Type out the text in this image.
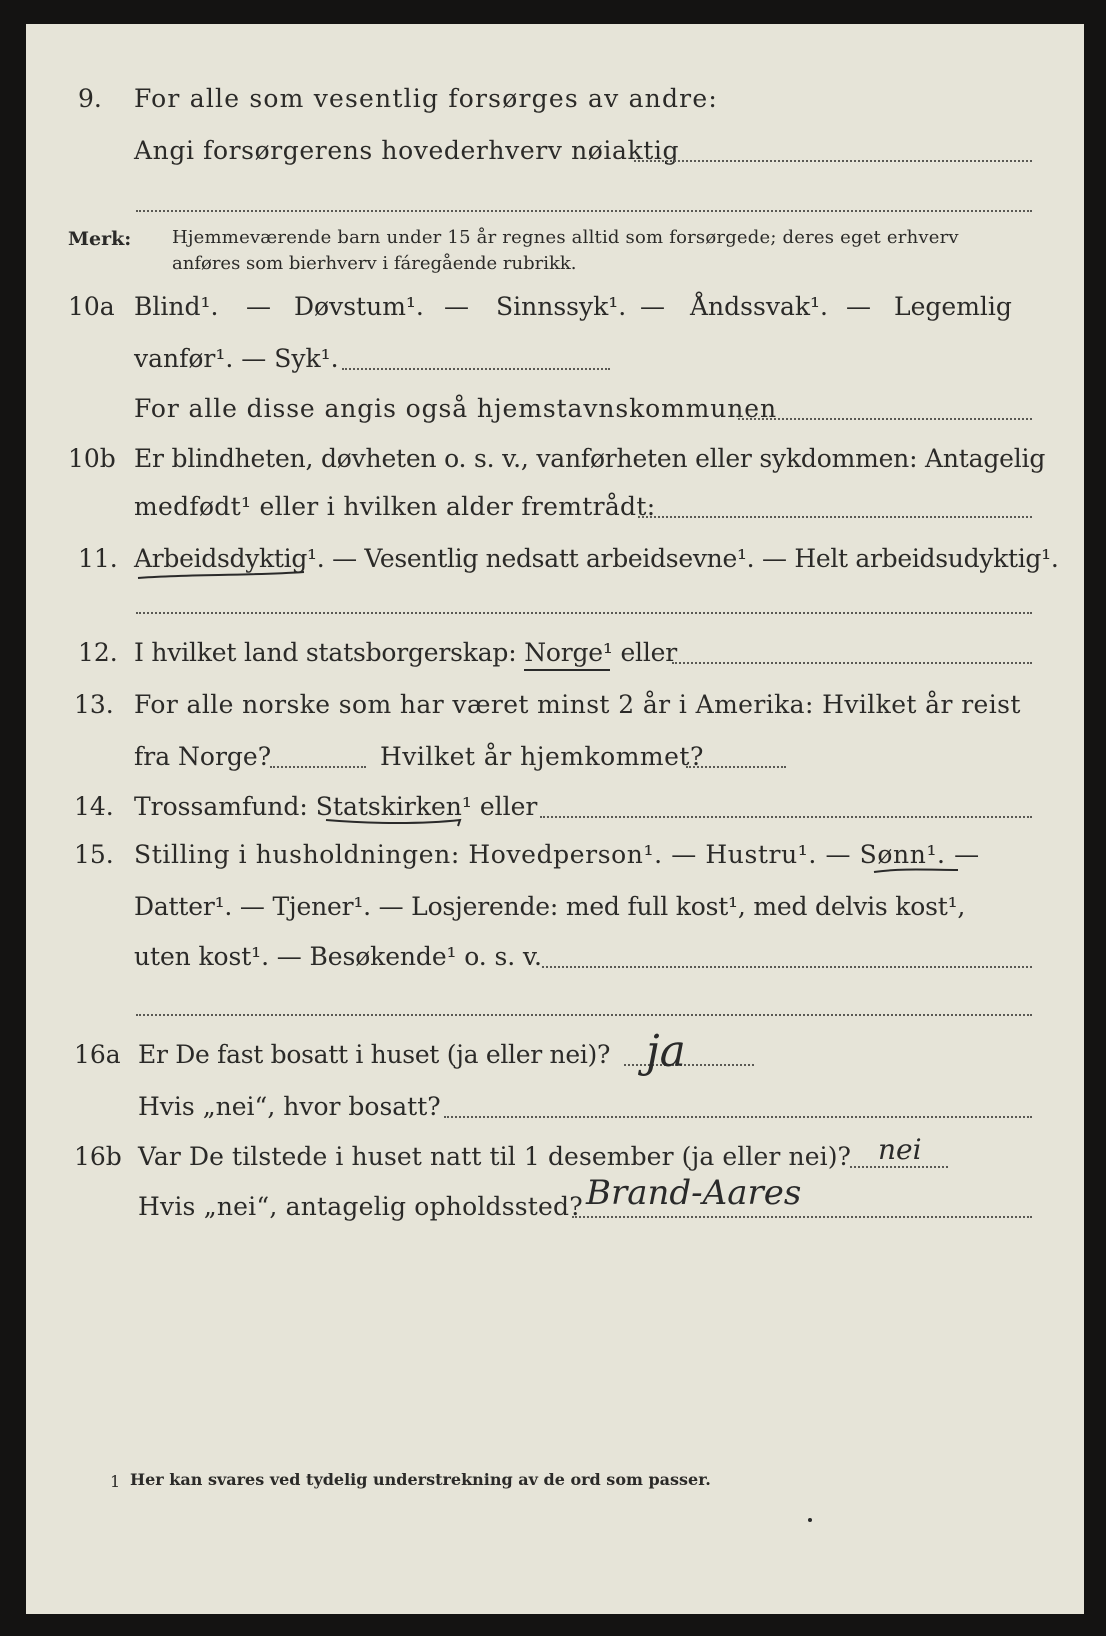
9. For alle som vesentlig forsørges av andre:
Angi forsørgerens hovederhverv nøiaktig
Merk: Hjemmeværende barn under 15 år regnes alltid som forsørgede; deres eget erhverv
anføres som bierhverv i fáregående rubrikk.
10a Blind¹. — Døvstum¹. — Sinnssyk¹. — Åndssvak¹. — Legemlig
vanfør¹. — Syk¹.
For alle disse angis også hjemstavnskommunen
10b Er blindheten, døvheten o. s. v., vanførheten eller sykdommen: Antagelig
medfødt¹ eller i hvilken alder fremtrådt:
11. Arbeidsdyktig¹. — Vesentlig nedsatt arbeidsevne¹. — Helt arbeidsudyktig¹.
12. I hvilket land statsborgerskap: Norge¹ eller
13. For alle norske som har været minst 2 år i Amerika: Hvilket år reist
fra Norge?	Hvilket år hjemkommet?
14. Trossamfund: Statskirken¹ eller
15. Stilling i husholdningen: Hovedperson¹. — Hustru¹. — Sønn¹. —
Datter¹. — Tjener¹. — Losjerende: med full kost¹, med delvis kost¹,
uten kost¹. — Besøkende¹ o. s. v.
16a Er De fast bosatt i huset (ja eller nei)? ja
Hvis „nei“, hvor bosatt?
16b Var De tilstede i huset natt til 1 desember (ja eller nei)? nei
Hvis „nei“, antagelig opholdssted? Brand-Aares
1 Her kan svares ved tydelig understrekning av de ord som passer.
